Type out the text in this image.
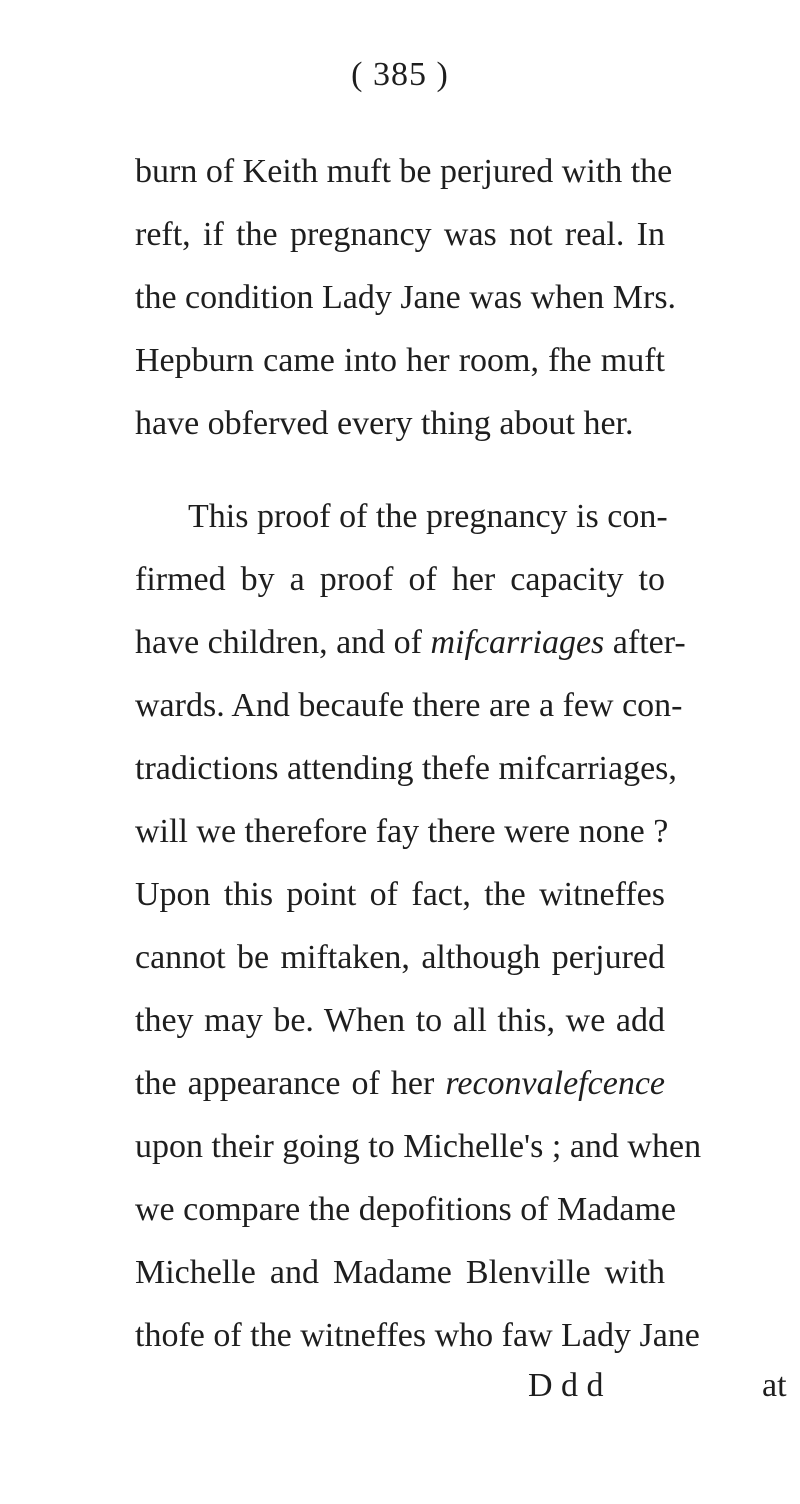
( 385 )
burn of Keith muft be perjured with the
reft, if the pregnancy was not real. In
the condition Lady Jane was when Mrs.
Hepburn came into her room, fhe muft
have obferved every thing about her.
This proof of the pregnancy is con-
firmed by a proof of her capacity to
have children, and of mifcarriages after-
wards. And becaufe there are a few con-
tradictions attending thefe mifcarriages,
will we therefore fay there were none ?
Upon this point of fact, the witneffes
cannot be miftaken, although perjured
they may be. When to all this, we add
the appearance of her reconvalefcence
upon their going to Michelle's ; and when
we compare the depofitions of Madame
Michelle and Madame Blenville with
thofe of the witneffes who faw Lady Jane
D d d	at
